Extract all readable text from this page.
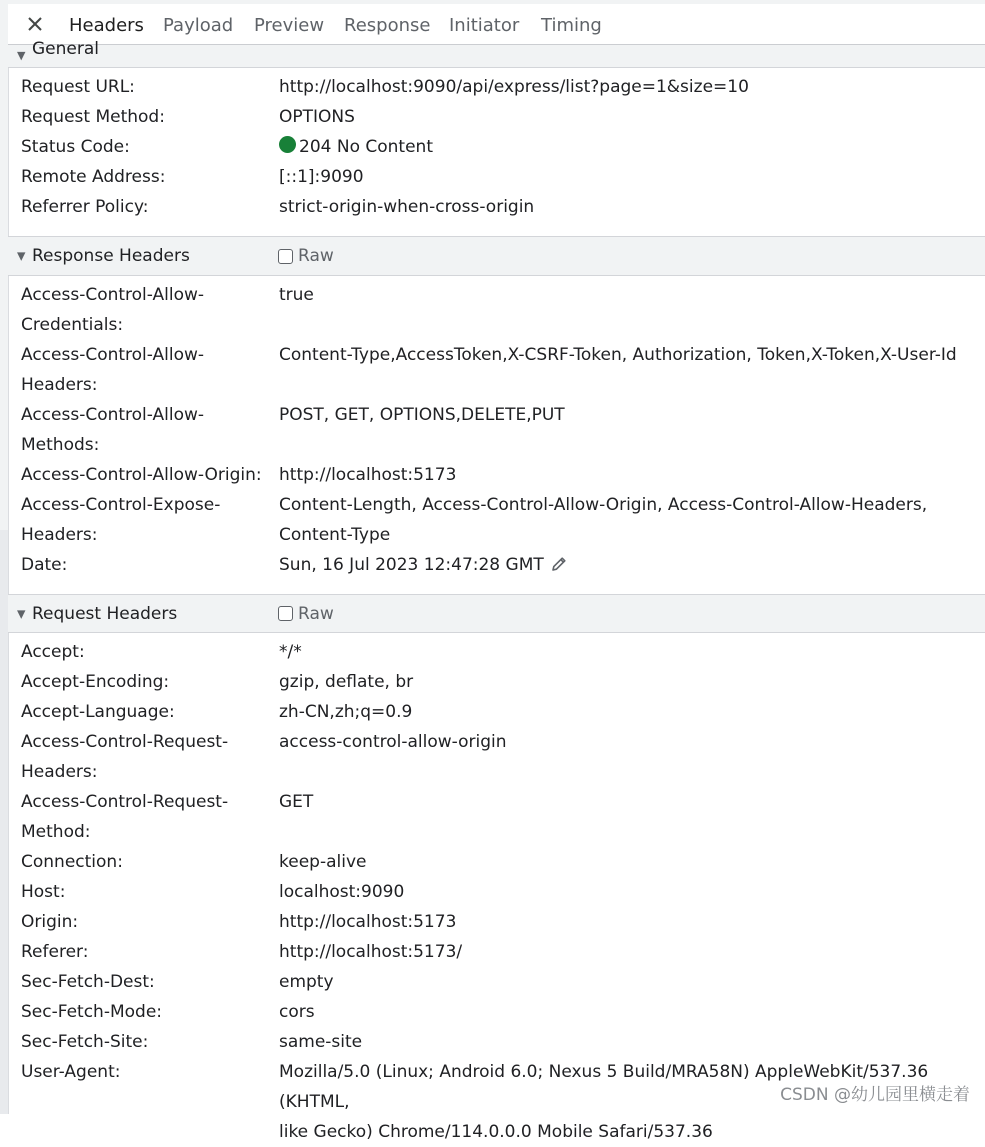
Headers	Payload	Preview	Response	Initiator	Timing
▼ General
Request URL:	http://localhost:9090/api/express/list?page=1&size=10
Request Method:	OPTIONS
Status Code:	204 No Content
Remote Address:	[::1]:9090
Referrer Policy:	strict-origin-when-cross-origin
▼ Response Headers	Raw
Access-Control-Allow-
Credentials:
true
Access-Control-Allow-
Headers:
Content-Type,AccessToken,X-CSRF-Token, Authorization, Token,X-Token,X-User-Id
Access-Control-Allow-
Methods:
POST, GET, OPTIONS,DELETE,PUT
Access-Control-Allow-Origin: http://localhost:5173
Access-Control-Expose-
Headers:
Content-Length, Access-Control-Allow-Origin, Access-Control-Allow-Headers,
Content-Type
Date:	Sun, 16 Jul 2023 12:47:28 GMT
▼ Request Headers	Raw
Accept:	*/*
Accept-Encoding:	gzip, deflate, br
Accept-Language:	zh-CN,zh;q=0.9
Access-Control-Request-
Headers:
access-control-allow-origin
Access-Control-Request-
Method:
GET
Connection:	keep-alive
Host:	localhost:9090
Origin:	http://localhost:5173
Referer:	http://localhost:5173/
Sec-Fetch-Dest:	empty
Sec-Fetch-Mode:	cors
Sec-Fetch-Site:	same-site
User-Agent:	Mozilla/5.0 (Linux; Android 6.0; Nexus 5 Build/MRA58N) AppleWebKit/537.36 (KHTML,
like Gecko) Chrome/114.0.0.0 Mobile Safari/537.36
CSDN @幼儿园里横走着
